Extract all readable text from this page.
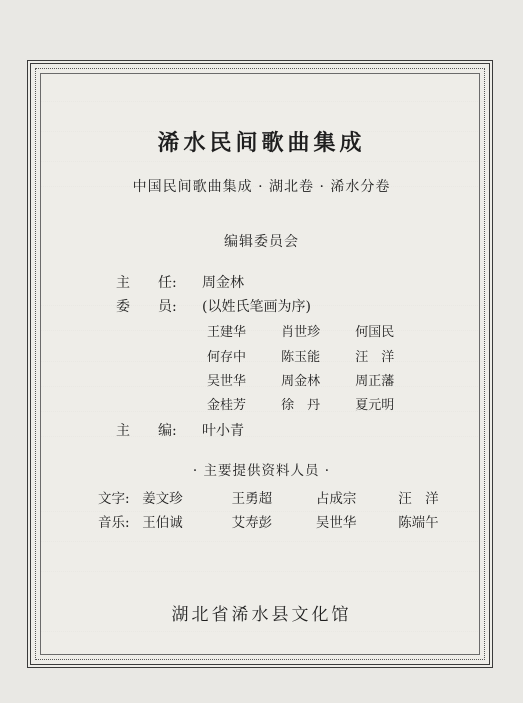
浠水民间歌曲集成
中国民间歌曲集成 · 湖北卷 · 浠水分卷
编辑委员会
主　　任: 周金林
委　　员: (以姓氏笔画为序)
王建华	肖世珍	何国民
何存中	陈玉能	汪　洋
吴世华	周金林	周正藩
金桂芳	徐　丹	夏元明
主　　编: 叶小青
· 主要提供资料人员 ·
文字: 姜文珍	王勇超	占成宗	汪　洋
音乐: 王伯诚	艾寿彭	吴世华	陈端午
湖北省浠水县文化馆
